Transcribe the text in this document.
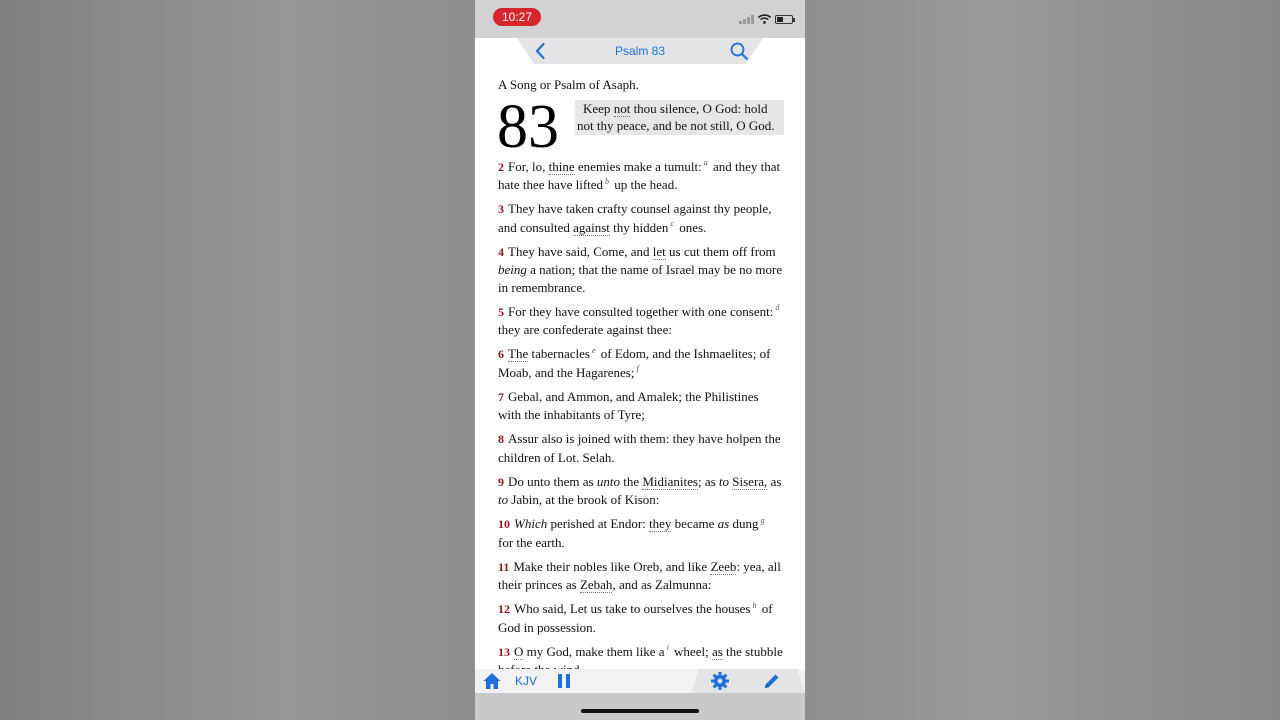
10:27
Psalm 83
A Song or Psalm of Asaph.
83	Keep not thou silence, O God: hold not thy peace, and be not still, O God.
2 For, lo, thine enemies make a tumult: $^a$ and they that hate thee have lifted $^b$ up the head.
3 They have taken crafty counsel against thy people, and consulted against thy hidden $^c$ ones.
4 They have said, Come, and let us cut them off from being a nation; that the name of Israel may be no more in remembrance.
5 For they have consulted together with one consent: $^d$ they are confederate against thee:
6 The tabernacles $^e$ of Edom, and the Ishmaelites; of Moab, and the Hagarenes; $^f$
7 Gebal, and Ammon, and Amalek; the Philistines with the inhabitants of Tyre;
8 Assur also is joined with them: they have holpen the children of Lot. Selah.
9 Do unto them as unto the Midianites; as to Sisera, as to Jabin, at the brook of Kison:
10 Which perished at Endor: they became as dung $^g$ for the earth.
11 Make their nobles like Oreb, and like Zeeb: yea, all their princes as Zebah, and as Zalmunna:
12 Who said, Let us take to ourselves the houses $^h$ of God in possession.
13 O my God, make them like a $^i$ wheel; as the stubble
KJV
